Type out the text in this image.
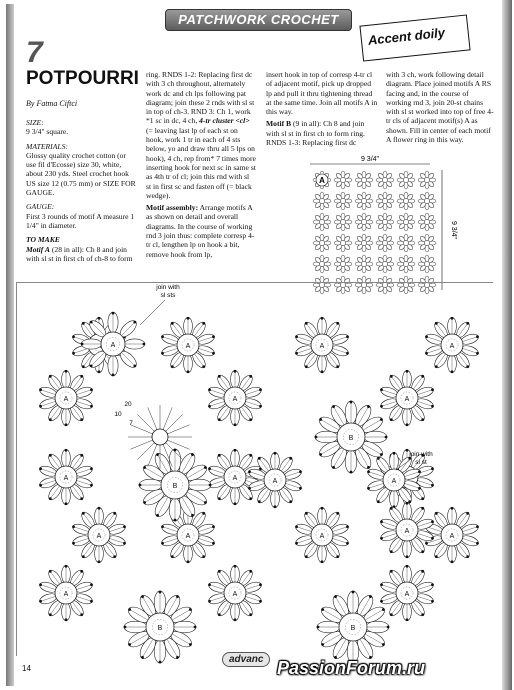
PATCHWORK CROCHET
Accent doily
7
POTPOURRI
By Fatma Ciftci
SIZE:

9 3/4" square.

MATERIALS:

Glossy quality crochet cotton (or use fil d'Ecosse) size 30, white, about 230 yds. Steel crochet hook US size 12 (0.75 mm) or SIZE FOR GAUGE.

GAUGE:

First 3 rounds of motif A measure 1 1/4" in diameter.

TO MAKE

Motif A (28 in all): Ch 8 and join with sl st in first ch of ch-8 to form

ring. RNDS 1-2: Replacing first dc with 3 ch throughout, alternately work dc and ch lps following pat diagram; join these 2 rnds with sl st in top of ch-3. RND 3: Ch 1, work *1 sc in dc, 4 ch, 4-tr cluster <cl> (= leaving last lp of each st on hook, work 1 tr in each of 4 sts below, yo and draw thru all 5 lps on hook), 4 ch, rep from* 7 times more inserting hook for next sc in same st as 4th tr of cl; join this rnd with sl st in first sc and fasten off (= black wedge).

Motif assembly: Arrange motifs A as shown on detail and overall diagrams. In the course of working rnd 3 join thus: complete corresp 4-tr cl, lengthen lp on hook a bit, remove hook from lp,

insert hook in top of corresp 4-tr cl of adjacent motif, pick up dropped lp and pull it thru tightening thread at the same time. Join all motifs A in this way.

Motif B (9 in all): Ch 8 and join with sl st in first ch to form ring. RNDS 1-3: Replacing first dc

with 3 ch, work following detail diagram. Place joined motifs A RS facing and, in the course of working rnd 3, join 20-st chains with sl st worked into top of free 4-tr cls of adjacent motif(s) A as shown. Fill in center of each motif A flower ring in this way.

9 3/4"
9 3/4"
A
A	A	A
A	A	A
A	A
A	A	A	A
A	A	A
A	A
A
B
B	B
B
A
join with
sl sts
join with
sl st
20
10
7
14
advanc PassionForum.ru
